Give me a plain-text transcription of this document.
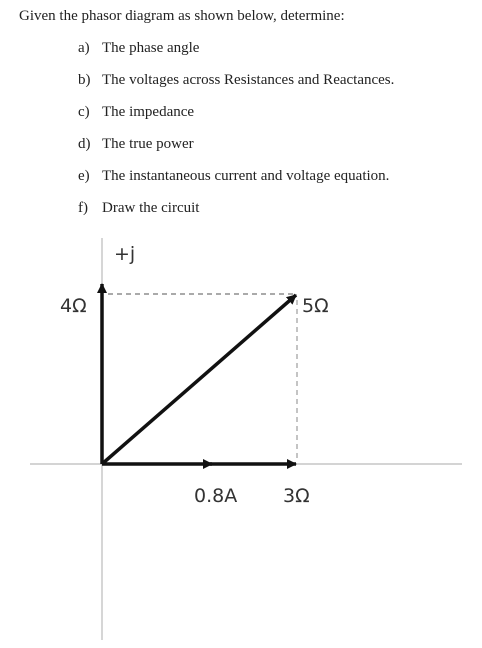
Given the phasor diagram as shown below, determine:

a) The phase angle
b) The voltages across Resistances and Reactances.
c) The impedance
d) The true power
e) The instantaneous current and voltage equation.
f) Draw the circuit
+j
4Ω	5Ω
0.8A 3Ω
